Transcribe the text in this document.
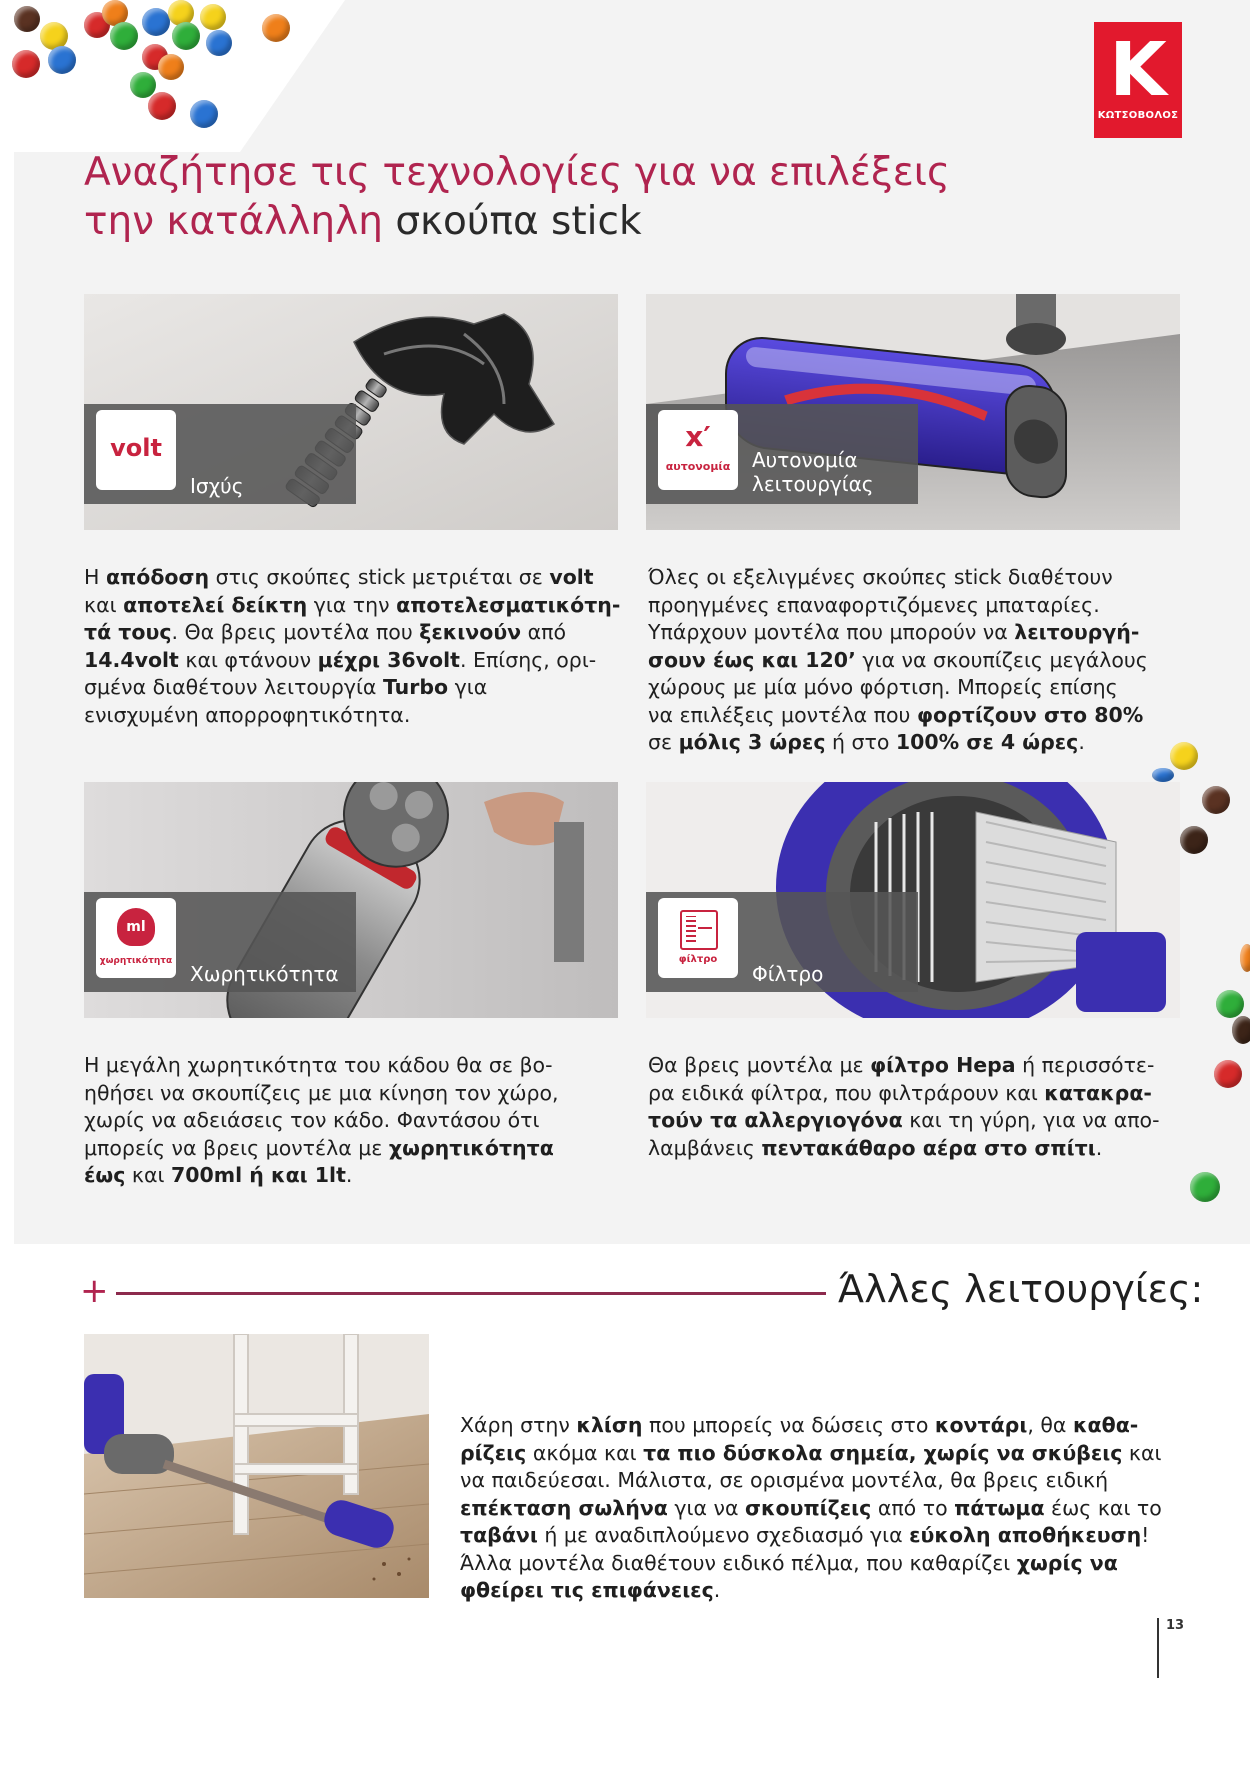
K
ΚΩΤΣΟΒΟΛΟΣ
Αναζήτησε τις τεχνολογίες για να επιλέξεις
την κατάλληλη σκούπα stick
volt
Ισχύς
x′
αυτονομία	Αυτονομία
λειτουργίας

Η απόδοση στις σκούπες stick μετριέται σε volt
και αποτελεί δείκτη για την αποτελεσματικότη-
τά τους. Θα βρεις μοντέλα που ξεκινούν από
14.4volt και φτάνουν μέχρι 36volt. Επίσης, ορι-
σμένα διαθέτουν λειτουργία Turbo για
ενισχυμένη απορροφητικότητα.

Όλες οι εξελιγμένες σκούπες stick διαθέτουν
προηγμένες επαναφορτιζόμενες μπαταρίες.
Υπάρχουν μοντέλα που μπορούν να λειτουργή-
σουν έως και 120’ για να σκουπίζεις μεγάλους
χώρους με μία μόνο φόρτιση. Μπορείς επίσης
να επιλέξεις μοντέλα που φορτίζουν στο 80%
σε μόλις 3 ώρες ή στο 100% σε 4 ώρες.

ml
χωρητικότητα
Χωρητικότητα
φίλτρο
Φίλτρο

Η μεγάλη χωρητικότητα του κάδου θα σε βο-
ηθήσει να σκουπίζεις με μια κίνηση τον χώρο,
χωρίς να αδειάσεις τον κάδο. Φαντάσου ότι
μπορείς να βρεις μοντέλα με χωρητικότητα
έως και 700ml ή και 1lt.

Θα βρεις μοντέλα με φίλτρο Hepa ή περισσότε-
ρα ειδικά φίλτρα, που φιλτράρουν και κατακρα-
τούν τα αλλεργιογόνα και τη γύρη, για να απο-
λαμβάνεις πεντακάθαρο αέρα στο σπίτι.

+	Άλλες λειτουργίες:

Χάρη στην κλίση που μπορείς να δώσεις στο κοντάρι, θα καθα-
ρίζεις ακόμα και τα πιο δύσκολα σημεία, χωρίς να σκύβεις και
να παιδεύεσαι. Μάλιστα, σε ορισμένα μοντέλα, θα βρεις ειδική
επέκταση σωλήνα για να σκουπίζεις από το πάτωμα έως και το
ταβάνι ή με αναδιπλούμενο σχεδιασμό για εύκολη αποθήκευση!
Άλλα μοντέλα διαθέτουν ειδικό πέλμα, που καθαρίζει χωρίς να
φθείρει τις επιφάνειες.

13
